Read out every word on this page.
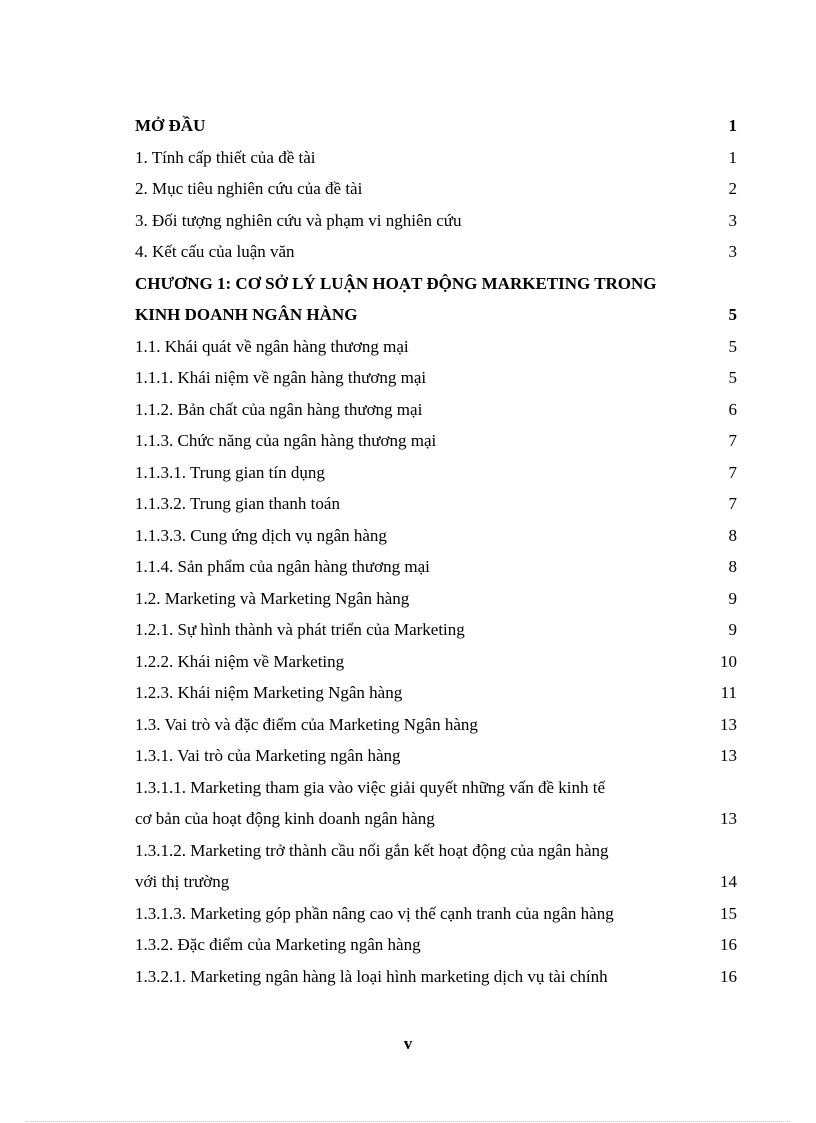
MỞ ĐẦU	1
1. Tính cấp thiết của đề tài	1
2. Mục tiêu nghiên cứu của đề tài	2
3. Đối tượng nghiên cứu và phạm vi nghiên cứu	3
4. Kết cấu của luận văn	3
CHƯƠNG 1: CƠ SỞ LÝ LUẬN HOẠT ĐỘNG MARKETING TRONG
KINH DOANH NGÂN HÀNG	5
1.1. Khái quát về ngân hàng thương mại	5
1.1.1. Khái niệm về ngân hàng thương mại	5
1.1.2. Bản chất của ngân hàng thương mại	6
1.1.3. Chức năng của ngân hàng thương mại	7
1.1.3.1. Trung gian tín dụng	7
1.1.3.2. Trung gian thanh toán	7
1.1.3.3. Cung ứng dịch vụ ngân hàng	8
1.1.4. Sản phẩm của ngân hàng thương mại	8
1.2. Marketing và Marketing Ngân hàng	9
1.2.1. Sự hình thành và phát triển của Marketing	9
1.2.2. Khái niệm về Marketing	10
1.2.3. Khái niệm Marketing Ngân hàng	11
1.3. Vai trò và đặc điểm của Marketing Ngân hàng	13
1.3.1. Vai trò của Marketing ngân hàng	13
1.3.1.1. Marketing tham gia vào việc giải quyết những vấn đề kinh tế
cơ bản của hoạt động kinh doanh ngân hàng	13
1.3.1.2. Marketing trở thành cầu nối gắn kết hoạt động của ngân hàng
với thị trường	14
1.3.1.3. Marketing góp phần nâng cao vị thế cạnh tranh của ngân hàng	15
1.3.2. Đặc điểm của Marketing ngân hàng	16
1.3.2.1. Marketing ngân hàng là loại hình marketing dịch vụ tài chính	16
v
